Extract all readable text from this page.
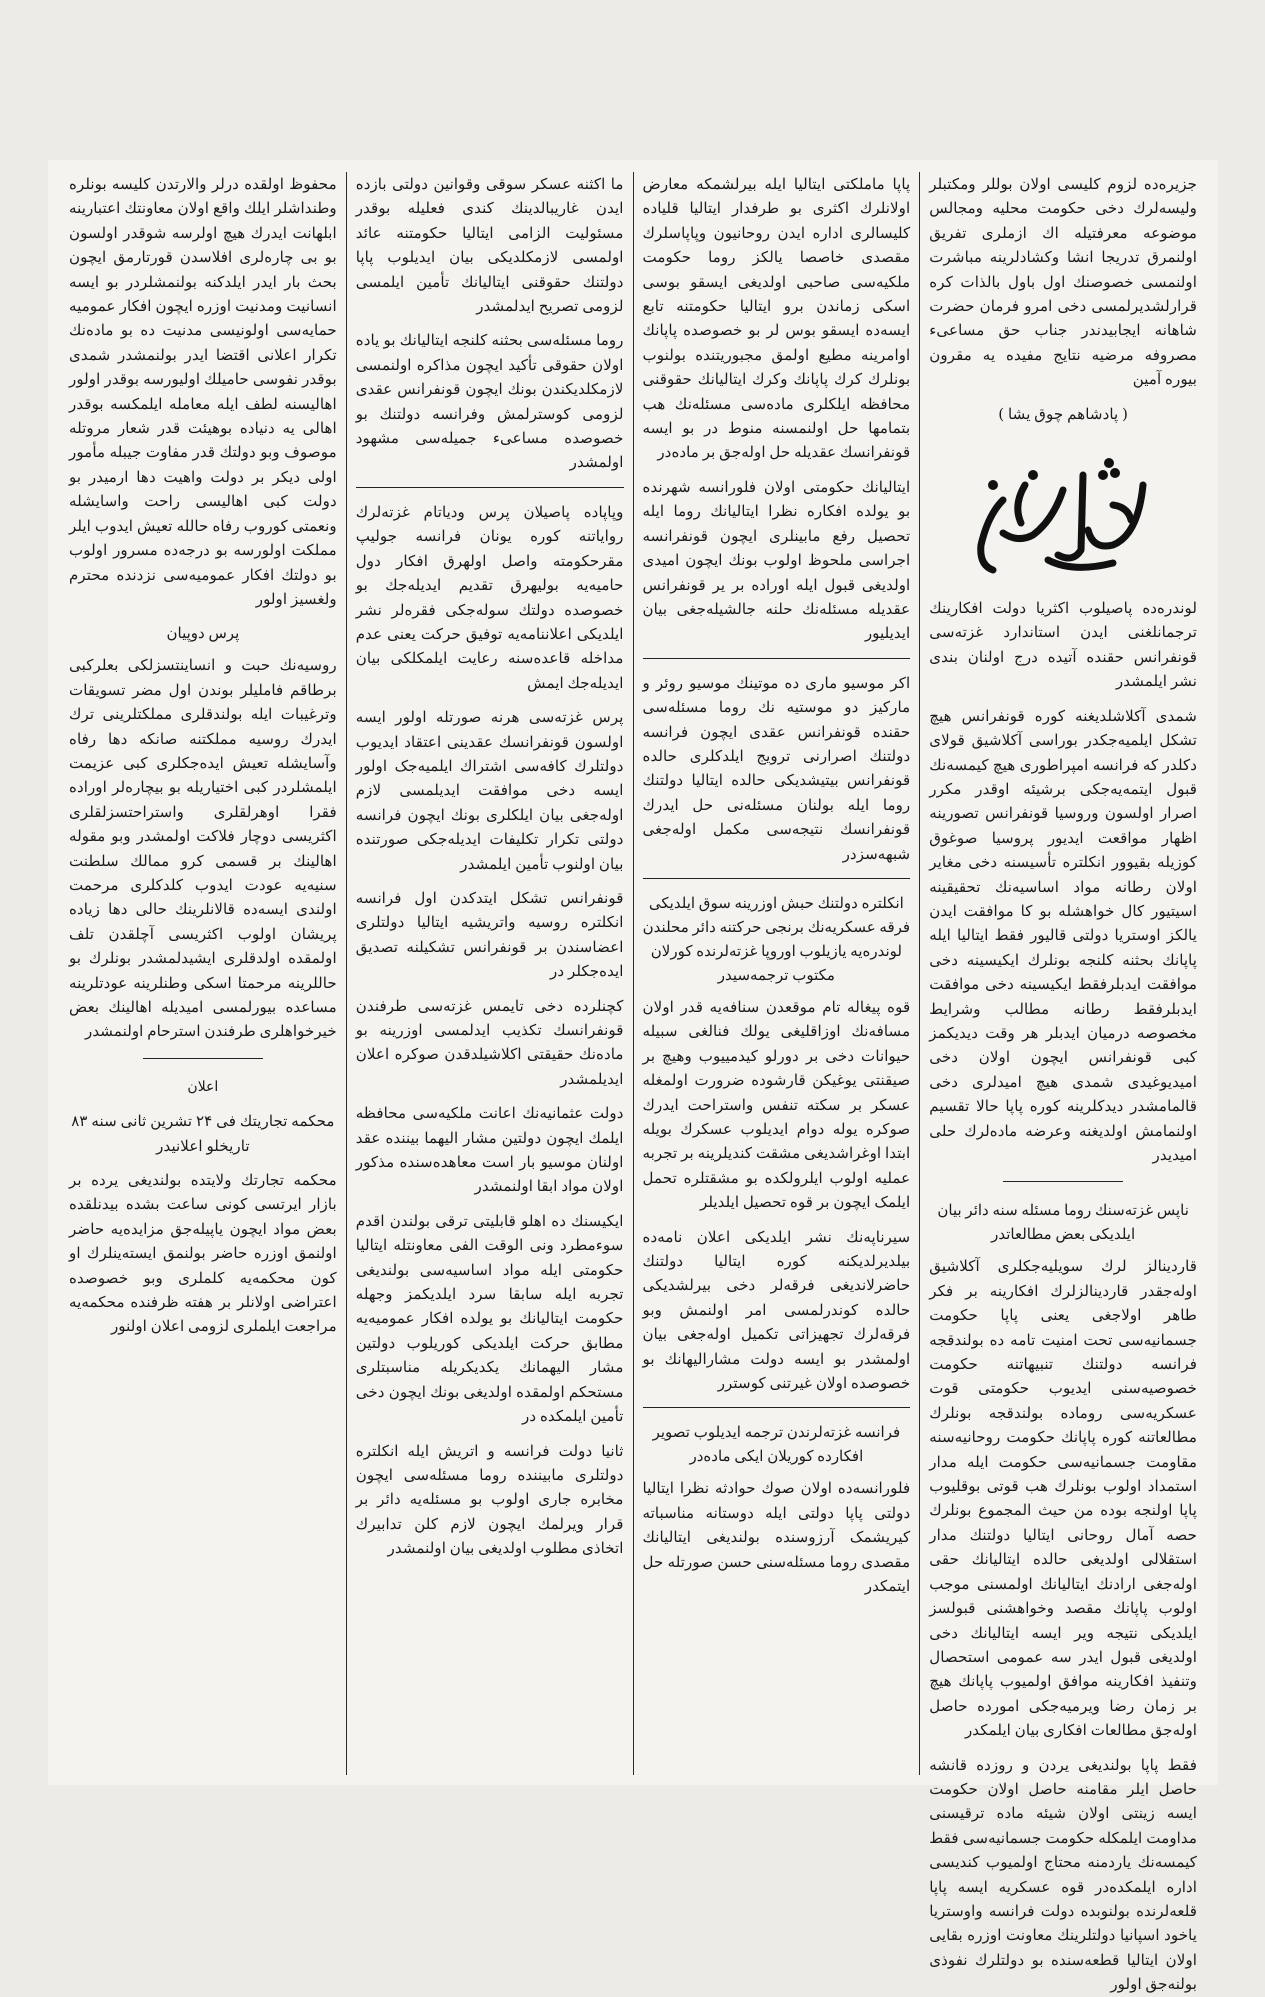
جزیره‌ده لزوم کلیسی اولان بوللر ومکتبلر ولیسه‌لرك دخی حکومت محلیه ومجالس موضوعه معرفتیله اك ازملری تفریق اولنمرق تدریجا انشا وکشادلرینه مباشرت اولنمسی خصوصنك اول باول بالذات کره قرارلشدیرلمسی دخی امرو فرمان حضرت شاهانه ایجابیدندر جناب حق مساعیء مصروفه مرضیه نتایج مفیده یه مقرون بیوره آمین

( پادشاهم چوق یشا )

لوندره‌ده پاصیلوب اکثریا دولت افکارینك ترجمانلغنی ایدن استاندارد غزته‌سی قونفرانس حقنده آتیده درج اولنان بندی نشر ایلمشدر

شمدی آکلاشلدیغنه کوره قونفرانس هیچ تشکل ایلمیه‌جکدر بوراسی آکلاشیق قولای دکلدر که فرانسه امپراطوری هیچ کیمسه‌نك قبول ایتمه‌یه‌جکی برشیئه اوقدر مکرر اصرار اولسون وروسیا قونفرانس تصورینه اظهار مواقعت ایدیور پروسیا صوغوق کوزیله بقیوور انکلتره تأسیسنه دخی مغایر اولان رطانه مواد اساسیه‌نك تحقیقینه اسیتیور کال خواهشله بو کا موافقت ایدن یالکز اوستریا دولتی قالیور فقط ایتالیا ایله پاپانك بحثنه کلنجه بونلرك ایکیسینه دخی موافقت ایدبلرفقط ایکیسینه دخی موافقت ایدبلرفقط رطانه مطالب وشرایط مخصوصه درمیان ایدبلر هر وقت دیدیکمز کبی قونفرانس ایچون اولان دخی امیدیوغیدی شمدی هیچ امیدلری دخی قالمامشدر دیدکلرینه کوره پاپا حالا تقسیم اولنمامش اولدیغنه وعرضه ماده‌لرك حلی امیدیدر

ناپس غزته‌سنك روما مسئله سنه دائر بیان ایلدیکی بعض مطالعاتدر

قاردینالز لرك سویلیه‌جکلری آکلاشیق اوله‌جقدر قاردینالزلرك افکارینه بر فکر طاهر اولاجغی یعنی پاپا حکومت جسمانیه‌سی تحت امنیت تامه ده بولندقجه فرانسه دولتنك تنبیهاتنه حکومت خصوصیه‌سنی ایدیوب حکومتی قوت عسکریه‌سی روماده بولندقجه بونلرك مطالعاتنه کوره پاپانك حکومت روحانیه‌سنه مقاومت جسمانیه‌سی حکومت ایله مدار استمداد اولوب بونلرك هب قوتی بوقلیوب پاپا اولنجه بوده من حیث المجموع بونلرك حصه آمال روحانی ایتالیا دولتنك مدار استقلالی اولدیغی حالده ایتالیانك حقی اوله‌جغی ارادنك ایتالیانك اولمسنی موجب اولوب پاپانك مقصد وخواهشنی قبولسز ایلدیکی نتیجه ویر ایسه ایتالیانك دخی اولدیغی قبول ایدر سه عمومی استحصال وتنفیذ افکارینه موافق اولمیوب پاپانك هیچ بر زمان رضا ویرمیه‌جکی امورده حاصل اوله‌جق مطالعات افکاری بیان ایلمکدر

فقط پاپا بولندیغی یردن و روزده قانشه حاصل ایلر مقامنه حاصل اولان حکومت ایسه زینتی اولان شیئه ماده ترقیسنی مداومت ایلمکله حکومت جسمانیه‌سی فقط کیمسه‌نك یاردمنه محتاج اولمیوب کندیسی اداره ایلمکده‌در قوه عسکریه ایسه پاپا قلعه‌لرنده بولنوبده دولت فرانسه واوستریا یاخود اسپانیا دولتلرینك معاونت اوزره بقایی اولان ایتالیا قطعه‌سنده بو دولتلرك نفوذی بولنه‌جق اولور

پاپا ماملکتی ایتالیا ایله بیرلشمکه معارض اولانلرك اکثری بو طرفدار ایتالیا قلیاده کلیسالری اداره ایدن روحانیون وپاپاسلرك مقصدی خاصصا یالکز روما حکومت ملکیه‌سی صاحبی اولدیغی ایسقو بوسی اسکی زماندن برو ایتالیا حکومتنه تابع ایسه‌ده ایسقو بوس لر بو خصوصده پاپانك اوامرینه مطیع اولمق مجبوریتنده بولنوب بونلرك کرك پاپانك وکرك ایتالیانك حقوقنی محافظه ایلکلری ماده‌سی مسئله‌نك هب بتمامها حل اولنمسنه منوط در بو ایسه قونفرانسك عقدیله حل اوله‌جق بر ماده‌در

ایتالیانك حکومتی اولان فلورانسه شهرنده بو یولده افکاره نظرا ایتالیانك روما ایله تحصیل رفع مابینلری ایچون قونفرانسه اجراسی ملحوظ اولوب بونك ایچون امیدی اولدیغی قبول ایله اوراده بر یر قونفرانس عقدیله مسئله‌نك حلنه جالشیله‌جغی بیان ایدیلیور

اکر موسیو ماری ده موتینك موسیو روئر و مارکیز دو موستیه نك روما مسئله‌سی حقنده قونفرانس عقدی ایچون فرانسه دولتنك اصرارنی ترویج ایلدکلری حالده قونفرانس بیتیشدیکی حالده ایتالیا دولتنك روما ایله بولنان مسئله‌نی حل ایدرك قونفرانسك نتیجه‌سی مکمل اوله‌جغی شبهه‌سزدر

انکلتره دولتنك حبش اوزرینه سوق ایلدیکی فرقه عسکریه‌نك برنجی حرکتنه دائر محلندن لوندره‌یه یازیلوب اوروپا غزته‌لرنده کورلان مکتوب ترجمه‌سیدر

قوه پیغاله تام موقعدن سنافه‌یه قدر اولان مسافه‌نك اوزاقلیغی یولك فنالغی سبیله حیوانات دخی بر دورلو کیدمییوب وهیچ بر صیقنتی یوغیکن قارشوده ضرورت اولمغله عسکر بر سکته تنفس واستراحت ایدرك صوکره یوله دوام ایدیلوب عسکرك بویله ابتدا اوغراشدیغی مشقت کندیلرینه بر تجربه عملیه اولوب ایلرولکده بو مشقتلره تحمل ایلمک ایچون بر قوه تحصیل ایلدیلر

سیرناپه‌نك نشر ایلدیکی اعلان نامه‌ده بیلدیرلدیکنه کوره ایتالیا دولتنك حاضرلاندیغی فرقه‌لر دخی بیرلشدیکی حالده کوندرلمسی امر اولنمش وبو فرقه‌لرك تجهیزاتی تکمیل اوله‌جغی بیان اولمشدر بو ایسه دولت مشارالیهانك بو خصوصده اولان غیرتنی کوسترر

فرانسه غزته‌لرندن ترجمه ایدیلوب تصویر افکارده کوریلان ایکی ماده‌در

فلورانسه‌ده اولان صوك حوادثه نظرا ایتالیا دولتی پاپا دولتی ایله دوستانه مناسباته کیریشمک آرزوسنده بولندیغی ایتالیانك مقصدی روما مسئله‌سنی حسن صورتله حل ایتمکدر

ما اکثنه عسکر سوقی وقوانین دولتی بازده ایدن غاریبالدینك کندی فعلیله بوقدر مسئولیت الزامی ایتالیا حکومتنه عائد اولمسی لازمکلدیکی بیان ایدیلوب پاپا دولتنك حقوقنی ایتالیانك تأمین ایلمسی لزومی تصریح ایدلمشدر

روما مسئله‌سی بحثنه کلنجه ایتالیانك بو یاده اولان حقوقی تأکید ایچون مذاکره اولنمسی لازمکلدیکندن بونك ایچون قونفرانس عقدی لزومی کوسترلمش وفرانسه دولتنك بو خصوصده مساعیء جمیله‌سی مشهود اولمشدر

وپاپاده پاصیلان پرس ودیاتام غزته‌لرك روایاتنه کوره یونان فرانسه جولیپ مقرحکومته واصل اولهرق افکار دول حامیه‌یه بولیهرق تقدیم ایدیله‌جك بو خصوصده دولتك سوله‌جکی فقره‌لر نشر ایلدیکی اعلاننامه‌یه توفیق حرکت یعنی عدم مداخله قاعده‌سنه رعایت ایلمکلکی بیان ایدیله‌جك ایمش

پرس غزته‌سی هرنه صورتله اولور ایسه اولسون قونفرانسك عقدینی اعتقاد ایدیوب دولتلرك کافه‌سی اشتراك ایلمیه‌جک اولور ایسه دخی موافقت ایدیلمسی لازم اوله‌جغی بیان ایلکلری بونك ایچون فرانسه دولتی تکرار تکلیفات ایدیله‌جکی صورتنده بیان اولنوب تأمین ایلمشدر

قونفرانس تشکل ایتدکدن اول فرانسه انکلتره روسیه واتریشیه ایتالیا دولتلری اعضاسندن بر قونفرانس تشکیلنه تصدیق ایده‌جکلر در

کچنلرده دخی تایمس غزته‌سی طرفندن قونفرانسك تکذیب ایدلمسی اوزرینه بو ماده‌نك حقیقتی اکلاشیلدقدن صوکره اعلان ایدیلمشدر

دولت عثمانیه‌نك اعانت ملکیه‌سی محافظه ایلمك ایچون دولتین مشار الیهما بیننده عقد اولنان موسیو بار است معاهده‌سنده مذکور اولان مواد ابقا اولنمشدر

ایکیسنك ده اهلو قابلیتی ترقی بولندن اقدم سوءمطرد ونی الوقت الفی معاونتله ایتالیا حکومتی ایله مواد اساسیه‌سی بولندیغی تجربه ایله سابقا سرد ایلدیکمز وجهله حکومت ایتالیانك بو یولده افکار عمومیه‌یه مطابق حرکت ایلدیکی کوریلوب دولتین مشار الیهمانك یکدیکریله مناسبتلری مستحکم اولمقده اولدیغی بونك ایچون دخی تأمین ایلمکده در

ثانیا دولت فرانسه و اتریش ایله انکلتره دولتلری مابیننده روما مسئله‌سی ایچون مخابره جاری اولوب بو مسئله‌یه دائر بر قرار ویرلمك ایچون لازم کلن تدابیرك اتخاذی مطلوب اولدیغی بیان اولنمشدر

محفوظ اولقده درلر والارتدن کلیسه بونلره وطنداشلر ایلك واقع اولان معاونتك اعتبارینه ابلهانت ایدرك هیچ اولرسه شوقدر اولسون بو بی چاره‌لری افلاسدن قورتارمق ایچون بحث بار ایدر ایلدکنه بولنمشلردر بو ایسه انسانیت ومدنیت اوزره ایچون افکار عمومیه حمایه‌سی اولونیسی مدنیت ده بو ماده‌نك تکرار اعلانی اقتضا ایدر بولنمشدر شمدی بوقدر نفوسی حامیلك اولیورسه بوقدر اولور اهالیسنه لطف ایله معامله ایلمکسه بوقدر اهالی یه دنیاده بوهیئت قدر شعار مروتله موصوف وبو دولتك قدر مفاوت جیبله مأمور اولی دیکر بر دولت واهیت دها ارمیدر بو دولت کبی اهالیسی راحت واسایشله ونعمتی کوروب رفاه حالله تعیش ایدوب ایلر مملکت اولورسه بو درجه‌ده مسرور اولوب بو دولتك افکار عمومیه‌سی نزدنده محترم ولغسیز اولور

پرس دوپیان

روسیه‌نك حبت و انساینتسزلکی بعلرکبی برطاقم فاملیلر بوندن اول مضر تسویقات وترغیبات ایله بولندقلری مملکتلرینی ترك ایدرك روسیه مملکتنه صانکه دها رفاه وآسایشله تعیش ایده‌جکلری کبی عزیمت ایلمشلردر کبی اختیاریله بو بیچاره‌لر اوراده فقرا اوهرلقلری واستراحتسزلقلری اکثریسی دوچار فلاکت اولمشدر وبو مقوله اهالینك بر قسمی کرو ممالك سلطنت سنیه‌یه عودت ایدوب کلدکلری مرحمت اولندی ایسه‌ده قالانلرینك حالی دها زیاده پریشان اولوب اکثریسی آچلقدن تلف اولمقده اولدقلری ایشیدلمشدر بونلرك بو حاللرینه مرحمتا اسکی وطنلرینه عودتلرینه مساعده بیورلمسی امیدیله اهالینك بعض خیرخواهلری طرفندن استرحام اولنمشدر

اعلان

محکمه تجاریتك فی ۲۴ تشرین ثانی سنه ۸۳ تاریخلو اعلانیدر

محکمه تجارتك ولایتده بولندیغی یرده بر بازار ایرتسی کونی ساعت بشده بیدنلقده بعض مواد ایچون یاپیله‌جق مزایده‌یه حاضر اولنمق اوزره حاضر بولنمق ایسته‌ینلرك او کون محکمه‌یه کلملری وبو خصوصده اعتراضی اولانلر بر هفته ظرفنده محکمه‌یه مراجعت ایلملری لزومی اعلان اولنور
